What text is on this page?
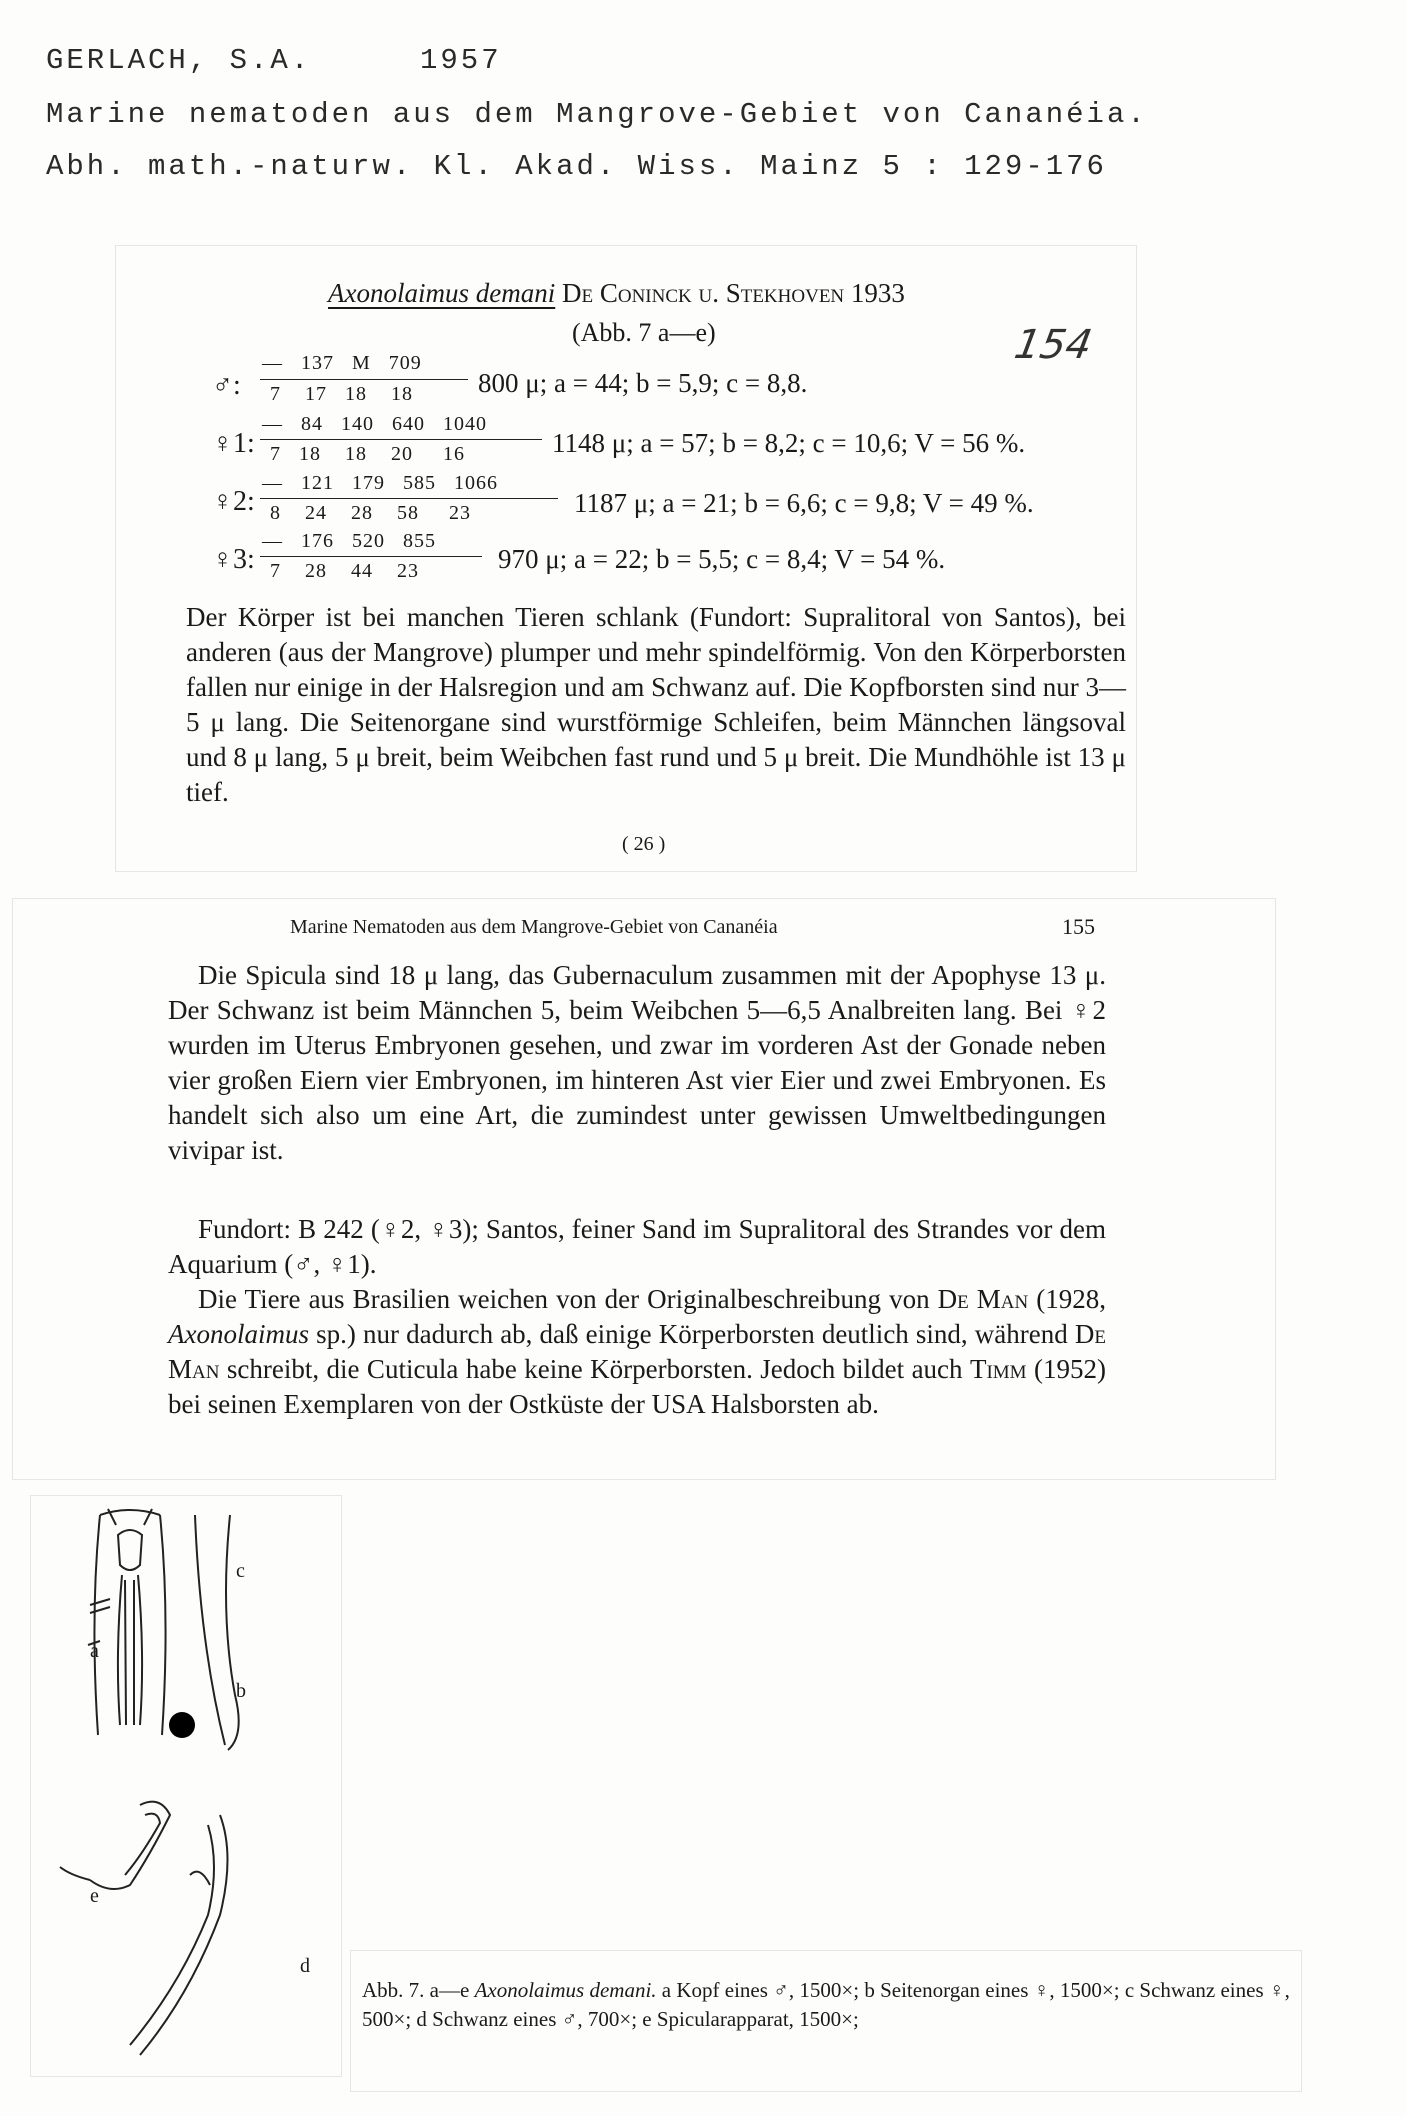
GERLACH, S.A.	1957
Marine nematoden aus dem Mangrove-Gebiet von Cananéia.
Abh. math.-naturw. Kl. Akad. Wiss. Mainz 5 : 129-176
Axonolaimus demani De Coninck u. Stekhoven 1933
(Abb. 7 a—e)	154
♂:
—   137   M   709
7    17   18    18 800 μ; a = 44; b = 5,9; c = 8,8.
♀1:
—   84   140   640   1040
7   18    18    20     16	1148 μ; a = 57; b = 8,2; c = 10,6; V = 56 %.
♀2:
—   121   179   585   1066
8    24    28    58     23	1187 μ; a = 21; b = 6,6; c = 9,8; V = 49 %.
♀3:
—   176   520   855
7    28    44    23	970 μ; a = 22; b = 5,5; c = 8,4; V = 54 %.
Der Körper ist bei manchen Tieren schlank (Fundort: Supralitoral von Santos), bei anderen (aus der Mangrove) plumper und mehr spindelförmig. Von den Körperborsten fallen nur einige in der Halsregion und am Schwanz auf. Die Kopfborsten sind nur 3—5 μ lang. Die Seitenorgane sind wurstförmige Schleifen, beim Männchen längsoval und 8 μ lang, 5 μ breit, beim Weibchen fast rund und 5 μ breit. Die Mundhöhle ist 13 μ tief.
( 26 )
Marine Nematoden aus dem Mangrove-Gebiet von Cananéia	155
Die Spicula sind 18 μ lang, das Gubernaculum zusammen mit der Apophyse 13 μ. Der Schwanz ist beim Männchen 5, beim Weibchen 5—6,5 Analbreiten lang. Bei ♀2 wurden im Uterus Embryonen gesehen, und zwar im vorderen Ast der Gonade neben vier großen Eiern vier Embryonen, im hinteren Ast vier Eier und zwei Embryonen. Es handelt sich also um eine Art, die zumindest unter gewissen Umweltbedingungen vivipar ist.
Fundort: B 242 (♀2, ♀3); Santos, feiner Sand im Supralitoral des Strandes vor dem Aquarium (♂, ♀1).
Die Tiere aus Brasilien weichen von der Originalbeschreibung von De Man (1928, Axonolaimus sp.) nur dadurch ab, daß einige Körperborsten deutlich sind, während De Man schreibt, die Cuticula habe keine Körperborsten. Jedoch bildet auch Timm (1952) bei seinen Exemplaren von der Ostküste der USA Halsborsten ab.
a
c
b
e
d
Abb. 7. a—e Axonolaimus demani. a Kopf eines ♂, 1500×; b Seitenorgan eines ♀, 1500×; c Schwanz eines ♀, 500×; d Schwanz eines ♂, 700×; e Spicularapparat, 1500×;
